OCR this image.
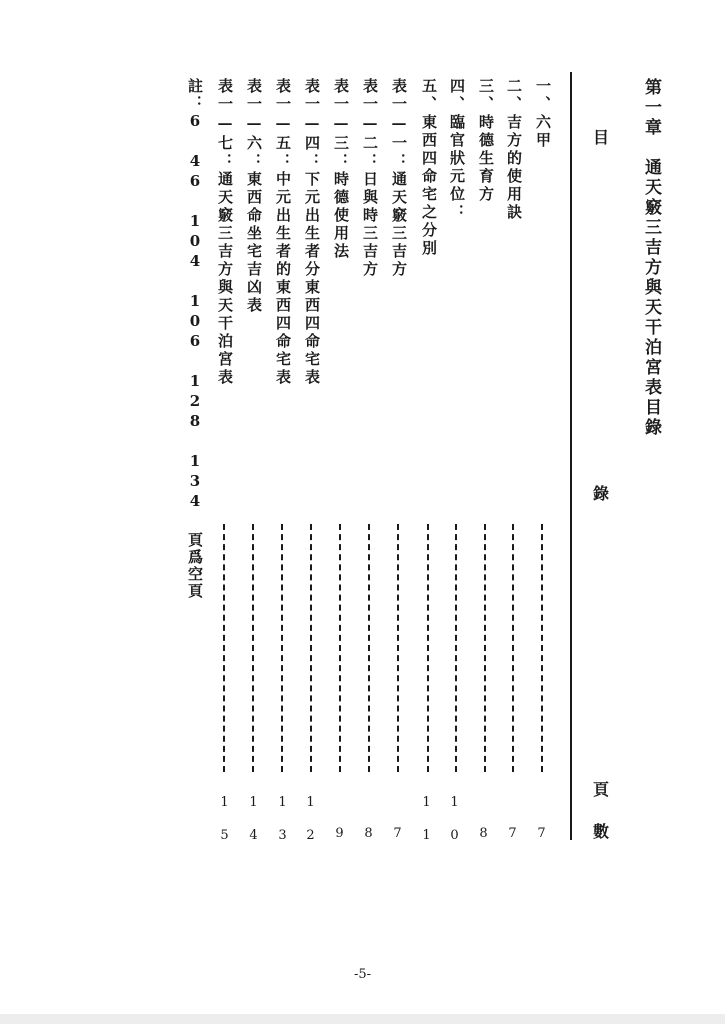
第一章　通天竅三吉方與天干泊宮表目錄
目
錄
頁
數
一、六甲
二、吉方的使用訣
三、時德生育方
四、臨官狀元位：
五、東西四命宅之分別
表一—一：通天竅三吉方
表一—二：日與時三吉方
表一—三：時德使用法
表一—四：下元出生者分東西四命宅表
表一—五：中元出生者的東西四命宅表
表一—六：東西命坐宅吉凶表
表一—七：通天竅三吉方與天干泊宮表
註：6 46 104 106 128 134 頁爲空頁
7
7
8
10
11
7
8
9
12
13
14
15
-5-
